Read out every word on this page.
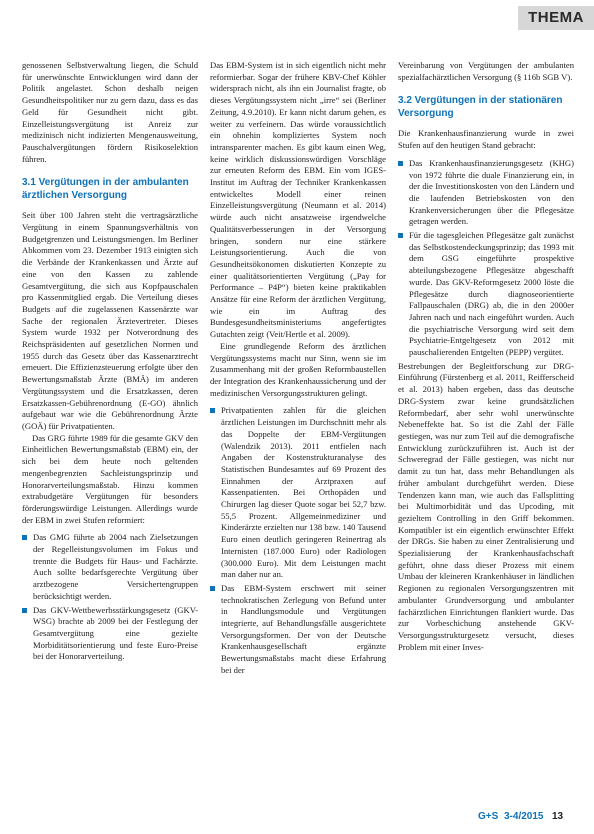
THEMA

genossenen Selbstverwaltung liegen, die Schuld für unerwünschte Entwicklungen wird dann der Politik angelastet. Schon deshalb neigen Gesundheitspolitiker nur zu gern dazu, dass es das Geld für Gesundheit nicht gibt. Einzelleistungsvergütung ist Anreiz zur medizinisch nicht indizierten Mengenausweitung, Pauschalvergütungen fördern Risikoselektion führen.

3.1 Vergütungen in der ambulanten ärztlichen Versorgung

Seit über 100 Jahren steht die vertragsärztliche Vergütung in einem Spannungsverhältnis von Budgetgrenzen und Leistungsmengen. Im Berliner Abkommen vom 23. Dezember 1913 einigten sich die Verbände der Krankenkassen und Ärzte auf eine von den Kassen zu zahlende Gesamtvergütung, die sich aus Kopfpauschalen pro Kassenmitglied ergab. Die Verteilung dieses Budgets auf die zugelassenen Kassenärzte war Sache der regionalen Ärztevertreter. Dieses System wurde 1932 per Notverordnung des Reichspräsidenten auf gesetzlichen Normen und 1955 durch das Gesetz über das Kassenarztrecht erneuert. Die Effizienzsteuerung erfolgte über den Bewertungsmaßstab Ärzte (BMÄ) im anderen Vergütungssystem und die Ersatzkassen, deren Ersatzkassen-Gebührenordnung (E-GO) ähnlich aufgebaut war wie die Gebührenordnung Ärzte (GOÄ) für Privatpatienten.

Das GRG führte 1989 für die gesamte GKV den Einheitlichen Bewertungsmaßstab (EBM) ein, der sich bei dem heute noch geltenden mengenbegrenzten Sachleistungsprinzip und Honorarverteilungsmaßstab. Hinzu kommen extrabudgetäre Vergütungen für besonders förderungswürdige Leistungen. Allerdings wurde der EBM in zwei Stufen reformiert:

Das GMG führte ab 2004 nach Zielsetzungen der Regelleistungsvolumen im Fokus und trennte die Budgets für Haus- und Fachärzte. Auch sollte bedarfsgerechte Vergütung über arztbezogene Versichertengruppen berücksichtigt werden.
Das GKV-Wettbewerbsstärkungsgesetz (GKV-WSG) brachte ab 2009 bei der Festlegung der Gesamtvergütung eine gezielte Morbiditätsorientierung und feste Euro-Preise bei der Honorarverteilung.

Das EBM-System ist in sich eigentlich nicht mehr reformierbar. Sogar der frühere KBV-Chef Köhler widersprach nicht, als ihn ein Journalist fragte, ob dieses Vergütungssystem nicht „irre“ sei (Berliner Zeitung, 4.9.2010). Er kann nicht darum gehen, es weiter zu verfeinern. Das würde voraussichtlich ein ohnehin kompliziertes System noch intransparenter machen. Es gibt kaum einen Weg, keine wirklich diskussionswürdigen Vorschläge zur erneuten Reform des EBM. Ein vom IGES-Institut im Auftrag der Techniker Krankenkassen entwickeltes Modell einer reinen Einzelleistungsvergütung (Neumann et al. 2014) würde auch nicht ansatzweise irgendwelche Qualitätsverbesserungen in der Versorgung bringen, sondern nur eine stärkere Leistungsorientierung. Auch die von Gesundheitsökonomen diskutierten Konzepte zu einer qualitätsorientierten Vergütung („Pay for Performance – P4P“) bieten keine praktikablen Ansätze für eine Reform der ärztlichen Vergütung, wie ein im Auftrag des Bundesgesundheitsministeriums angefertigtes Gutachten zeigt (Veit/Hertle et al. 2009).

Eine grundlegende Reform des ärztlichen Vergütungssystems macht nur Sinn, wenn sie im Zusammenhang mit der großen Reformbaustellen der Integration des Krankenhaussicherung und der medizinischen Versorgungsstrukturen gelingt.

Privatpatienten zahlen für die gleichen ärztlichen Leistungen im Durchschnitt mehr als das Doppelte der EBM-Vergütungen (Walendzik 2013). 2011 entfielen nach Angaben der Kostenstrukturanalyse des Statistischen Bundesamtes auf 69 Prozent des Einnahmen der Arztpraxen auf Kassenpatienten. Bei Orthopäden und Chirurgen lag dieser Quote sogar bei 52,7 bzw. 55,5 Prozent. Allgemeinmediziner und Kinderärzte erzielten nur 138 bzw. 140 Tausend Euro einen deutlich geringeren Reinertrag als Internisten (187.000 Euro) oder Radiologen (300.000 Euro). Mit dem Leistungen macht man daher nur an.
Das EBM-System erschwert mit seiner technokratischen Zerlegung von Befund unter in Handlungsmodule und Vergütungen integrierte, auf Behandlungsfälle ausgerichtete Versorgungsformen. Der von der Deutsche Krankenhausgesellschaft ergänzte Bewertungsmaßstabs macht diese Erfahrung bei der

Vereinbarung von Vergütungen der ambulanten spezialfachärztlichen Versorgung (§ 116b SGB V).

3.2 Vergütungen in der stationären Versorgung

Die Krankenhausfinanzierung wurde in zwei Stufen auf den heutigen Stand gebracht:

Das Krankenhausfinanzierungsgesetz (KHG) von 1972 führte die duale Finanzierung ein, in der die Investitionskosten von den Ländern und die laufenden Betriebskosten von den Krankenversicherungen über die Pflegesätze getragen werden.
Für die tagesgleichen Pflegesätze galt zunächst das Selbstkostendeckungsprinzip; das 1993 mit dem GSG eingeführte prospektive abteilungsbezogene Pflegesätze abgeschafft wurde. Das GKV-Reformgesetz 2000 löste die Pflegesätze durch diagnoseorientierte Fallpauschalen (DRG) ab, die in den 2000er Jahren nach und nach eingeführt wurden. Auch die psychiatrische Versorgung wird seit dem Psychiatrie-Entgeltgesetz von 2012 mit pauschalierenden Entgelten (PEPP) vergütet.

Bestrebungen der Begleitforschung zur DRG-Einführung (Fürstenberg et al. 2011, Reifferscheid et al. 2013) haben ergeben, dass das deutsche DRG-System zwar keine grundsätzlichen Reformbedarf, aber sehr wohl unerwünschte Nebeneffekte hat. So ist die Zahl der Fälle gestiegen, was nur zum Teil auf die demografische Entwicklung zurückzuführen ist. Auch ist der Schweregrad der Fälle gestiegen, was nicht nur damit zu tun hat, dass mehr Behandlungen als früher ambulant durchgeführt werden. Diese Tendenzen kann man, wie auch das Fallsplitting bei Multimorbidität und das Upcoding, mit gezieltem Controlling in den Griff bekommen. Kompatibler ist ein eigentlich erwünschter Effekt der DRGs. Sie haben zu einer Zentralisierung und Spezialisierung der Krankenhausfachschaft geführt, ohne dass dieser Prozess mit einem Umbau der kleineren Krankenhäuser in ländlichen Regionen zu regionalen Versorgungszentren mit ambulanter Grundversorgung und ambulanter fachärztlichen Einrichtungen flankiert wurde. Das zur Vorbeschichung anstehende GKV-Versorgungsstrukturgesetz versucht, dieses Problem mit einer Inves-

G+S 3-4/2015 13
